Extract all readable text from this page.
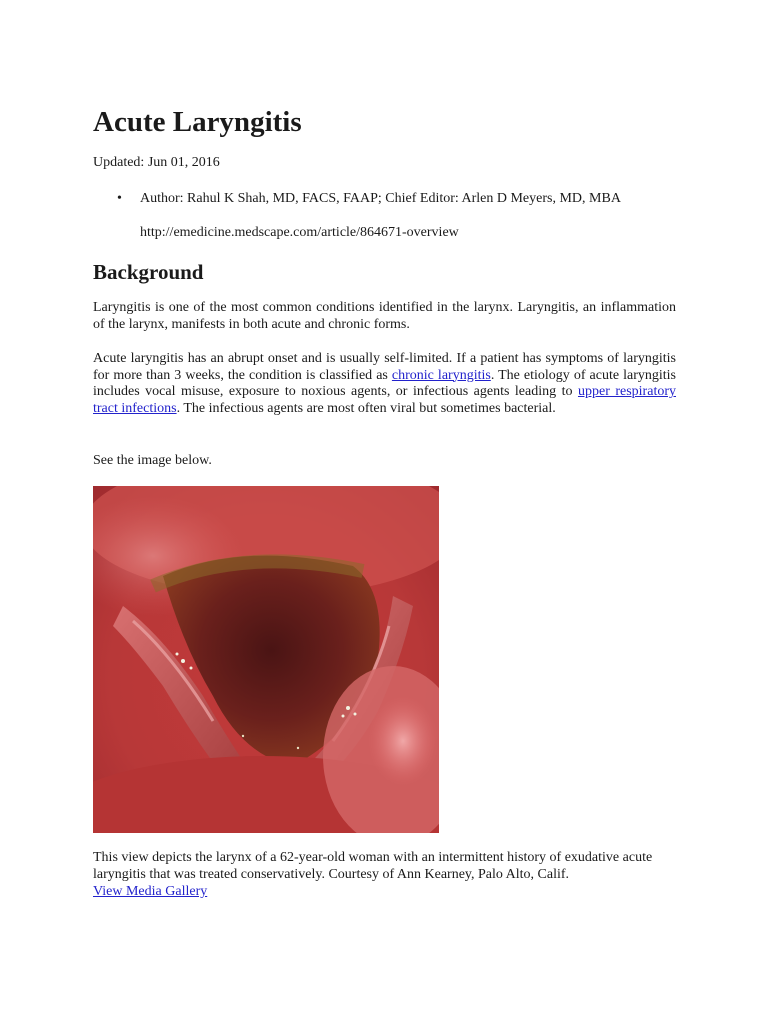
Acute Laryngitis
Updated: Jun 01, 2016
• Author: Rahul K Shah, MD, FACS, FAAP; Chief Editor: Arlen D Meyers, MD, MBA
http://emedicine.medscape.com/article/864671-overview
Background

Laryngitis is one of the most common conditions identified in the larynx. Laryngitis, an inflammation of the larynx, manifests in both acute and chronic forms.

Acute laryngitis has an abrupt onset and is usually self-limited. If a patient has symptoms of laryngitis for more than 3 weeks, the condition is classified as chronic laryngitis. The etiology of acute laryngitis includes vocal misuse, exposure to noxious agents, or infectious agents leading to upper respiratory tract infections. The infectious agents are most often viral but sometimes bacterial.

See the image below.

This view depicts the larynx of a 62-year-old woman with an intermittent history of exudative acute laryngitis that was treated conservatively. Courtesy of Ann Kearney, Palo Alto, Calif.

View Media Gallery
